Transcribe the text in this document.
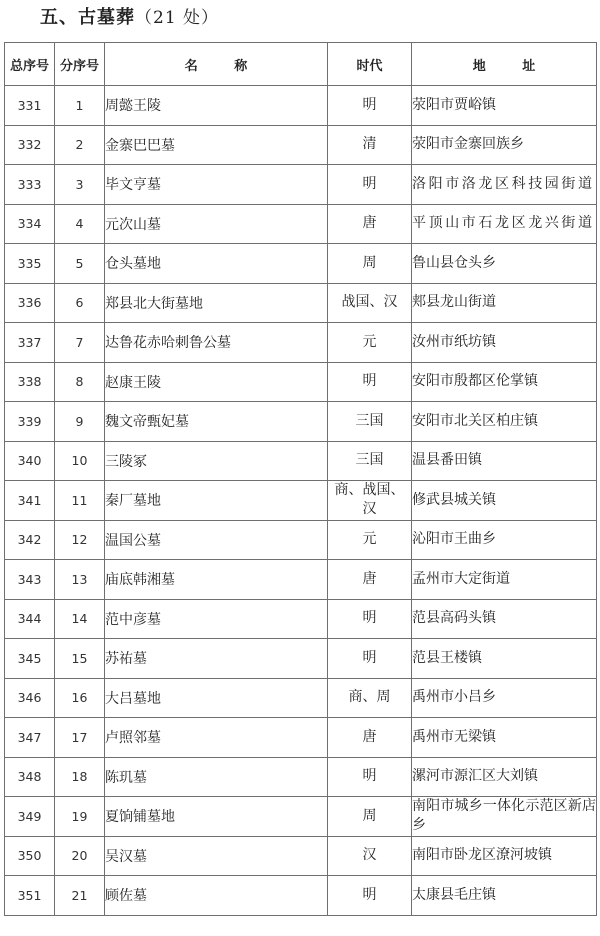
五、古墓葬（21 处）
总序号	分序号	名 称	时代	地 址
331	1	周懿王陵	明	荥阳市贾峪镇
332	2	金寨巴巴墓	清	荥阳市金寨回族乡
333	3	毕文亨墓	明	洛阳市洛龙区科技园街道
334	4	元次山墓	唐	平顶山市石龙区龙兴街道
335	5	仓头墓地	周	鲁山县仓头乡
336	6	郑县北大街墓地	战国、汉	郏县龙山街道
337	7	达鲁花赤哈刺鲁公墓	元	汝州市纸坊镇
338	8	赵康王陵	明	安阳市殷都区伦掌镇
339	9	魏文帝甄妃墓	三国	安阳市北关区柏庄镇
340	10	三陵冢	三国	温县番田镇
341	11	秦厂墓地	商、战国、汉	修武县城关镇
342	12	温国公墓	元	沁阳市王曲乡
343	13	庙底韩湘墓	唐	孟州市大定街道
344	14	范中彦墓	明	范县高码头镇
345	15	苏祐墓	明	范县王楼镇
346	16	大吕墓地	商、周	禹州市小吕乡
347	17	卢照邻墓	唐	禹州市无梁镇
348	18	陈玑墓	明	漯河市源汇区大刘镇
349	19	夏饷铺墓地	周	南阳市城乡一体化示范区新店乡
350	20	吴汉墓	汉	南阳市卧龙区潦河坡镇
351	21	顾佐墓	明	太康县毛庄镇
